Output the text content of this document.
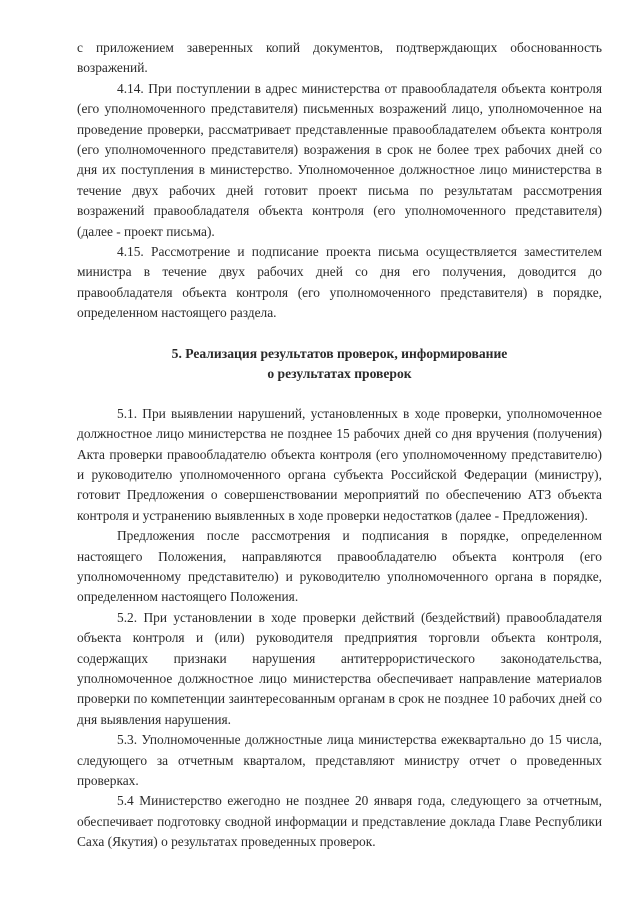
с приложением заверенных копий документов, подтверждающих обоснованность возражений.

4.14. При поступлении в адрес министерства от правообладателя объекта контроля (его уполномоченного представителя) письменных возражений лицо, уполномоченное на проведение проверки, рассматривает представленные правообладателем объекта контроля (его уполномоченного представителя) возражения в срок не более трех рабочих дней со дня их поступления в министерство. Уполномоченное должностное лицо министерства в течение двух рабочих дней готовит проект письма по результатам рассмотрения возражений правообладателя объекта контроля (его уполномоченного представителя) (далее - проект письма).

4.15. Рассмотрение и подписание проекта письма осуществляется заместителем министра в течение двух рабочих дней со дня его получения, доводится до правообладателя объекта контроля (его уполномоченного представителя) в порядке, определенном настоящего раздела.

5. Реализация результатов проверок, информирование
о результатах проверок

5.1. При выявлении нарушений, установленных в ходе проверки, уполномоченное должностное лицо министерства не позднее 15 рабочих дней со дня вручения (получения) Акта проверки правообладателю объекта контроля (его уполномоченному представителю) и руководителю уполномоченного органа субъекта Российской Федерации (министру), готовит Предложения о совершенствовании мероприятий по обеспечению АТЗ объекта контроля и устранению выявленных в ходе проверки недостатков (далее - Предложения).

Предложения после рассмотрения и подписания в порядке, определенном настоящего Положения, направляются правообладателю объекта контроля (его уполномоченному представителю) и руководителю уполномоченного органа в порядке, определенном настоящего Положения.

5.2. При установлении в ходе проверки действий (бездействий) правообладателя объекта контроля и (или) руководителя предприятия торговли объекта контроля, содержащих признаки нарушения антитеррористического законодательства, уполномоченное должностное лицо министерства обеспечивает направление материалов проверки по компетенции заинтересованным органам в срок не позднее 10 рабочих дней со дня выявления нарушения.

5.3. Уполномоченные должностные лица министерства ежеквартально до 15 числа, следующего за отчетным кварталом, представляют министру отчет о проведенных проверках.

5.4 Министерство ежегодно не позднее 20 января года, следующего за отчетным, обеспечивает подготовку сводной информации и представление доклада Главе Республики Саха (Якутия) о результатах проведенных проверок.
